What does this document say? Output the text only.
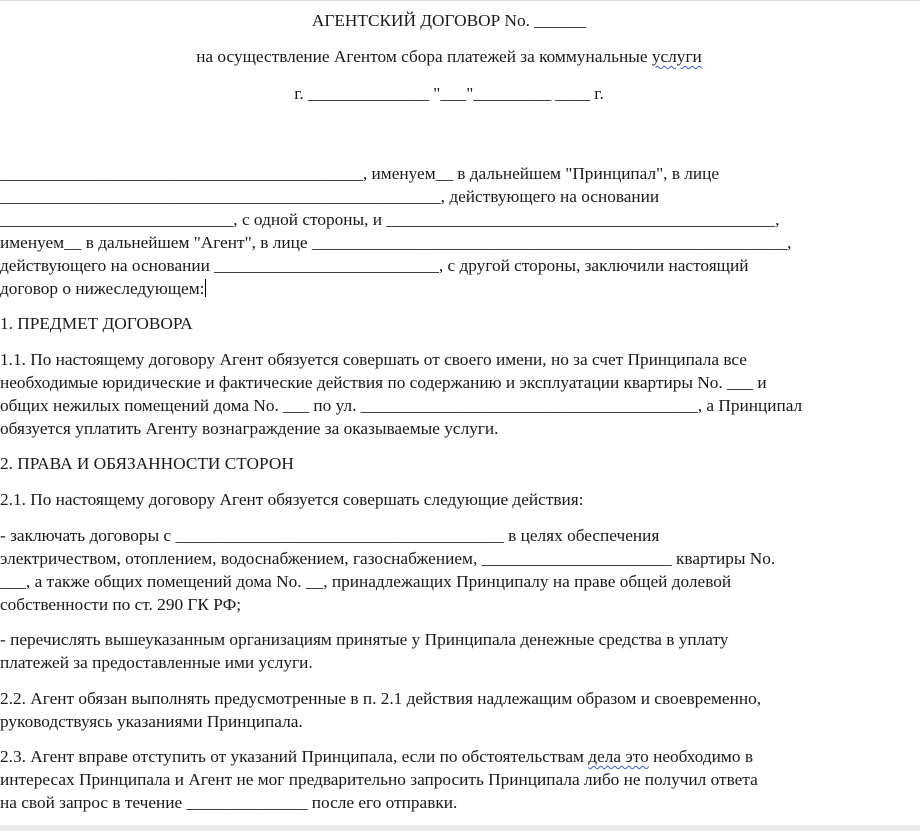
АГЕНТСКИЙ ДОГОВОР No. ______
на осуществление Агентом сбора платежей за коммунальные услуги
г. ______________ "___"_________ ____ г.
__________________________________________, именуем__ в дальнейшем "Принципал", в лице
___________________________________________________, действующего на основании
___________________________, с одной стороны, и _____________________________________________,
именуем__ в дальнейшем "Агент", в лице _______________________________________________________,
действующего на основании __________________________, с другой стороны, заключили настоящий
договор о нижеследующем:
1. ПРЕДМЕТ ДОГОВОРА
1.1. По настоящему договору Агент обязуется совершать от своего имени, но за счет Принципала все
необходимые юридические и фактические действия по содержанию и эксплуатации квартиры No. ___ и
общих нежилых помещений дома No. ___ по ул. _______________________________________, а Принципал
обязуется уплатить Агенту вознаграждение за оказываемые услуги.
2. ПРАВА И ОБЯЗАННОСТИ СТОРОН
2.1. По настоящему договору Агент обязуется совершать следующие действия:
- заключать договоры с ______________________________________ в целях обеспечения
электричеством, отоплением, водоснабжением, газоснабжением, ______________________ квартиры No.
___, а также общих помещений дома No. __, принадлежащих Принципалу на праве общей долевой
собственности по ст. 290 ГК РФ;
- перечислять вышеуказанным организациям принятые у Принципала денежные средства в уплату
платежей за предоставленные ими услуги.
2.2. Агент обязан выполнять предусмотренные в п. 2.1 действия надлежащим образом и своевременно,
руководствуясь указаниями Принципала.
2.3. Агент вправе отступить от указаний Принципала, если по обстоятельствам дела это необходимо в
интересах Принципала и Агент не мог предварительно запросить Принципала либо не получил ответа
на свой запрос в течение ______________ после его отправки.
